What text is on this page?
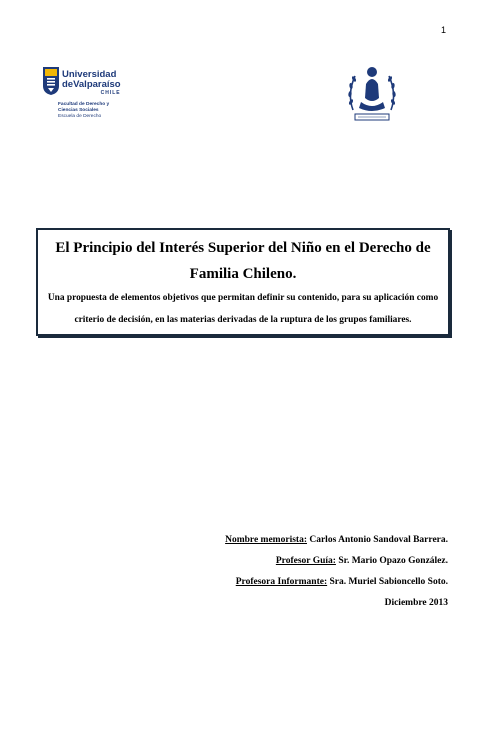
1
Universidad
deValparaíso
CHILE
Facultad de Derecho y
Ciencias Sociales
Escuela de Derecho
El Principio del Interés Superior del Niño en el Derecho de Familia Chileno.
Una propuesta de elementos objetivos que permitan definir su contenido, para su aplicación como criterio de decisión, en las materias derivadas de la ruptura de los grupos familiares.
Nombre memorista: Carlos Antonio Sandoval Barrera.
Profesor Guía: Sr. Mario Opazo González.
Profesora Informante: Sra. Muriel Sabioncello Soto.
Diciembre 2013
